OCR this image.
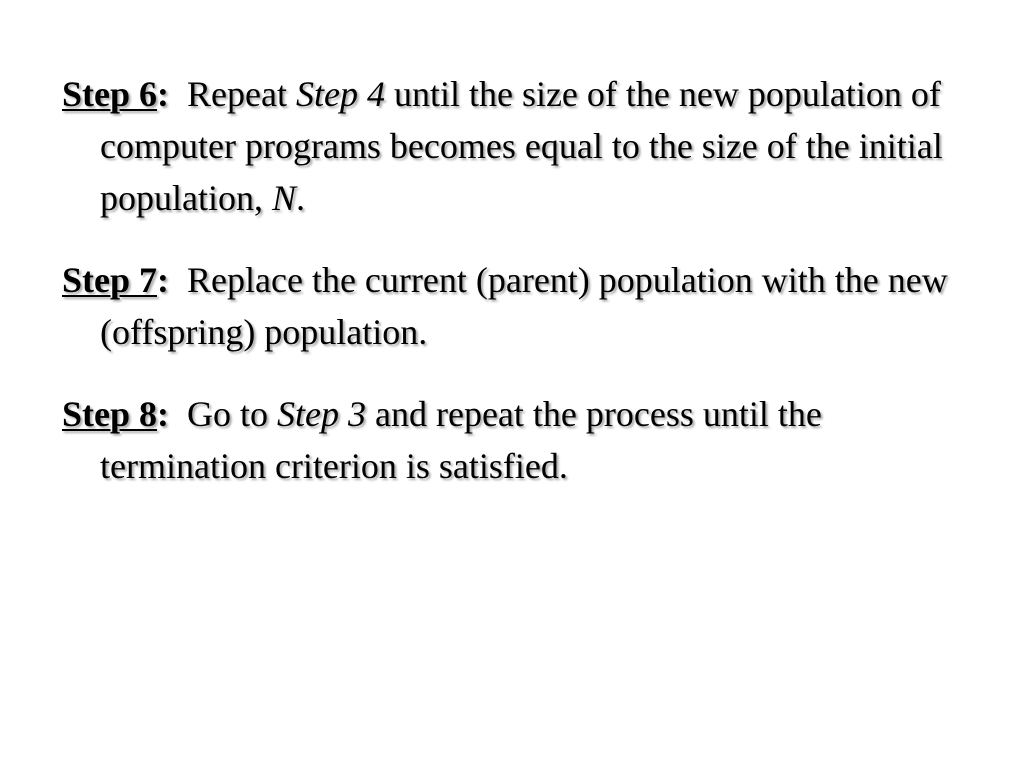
Step 6: Repeat Step 4 until the size of the new population of computer programs becomes equal to the size of the initial population, N.

Step 7: Replace the current (parent) population with the new (offspring) population.

Step 8: Go to Step 3 and repeat the process until the termination criterion is satisfied.
